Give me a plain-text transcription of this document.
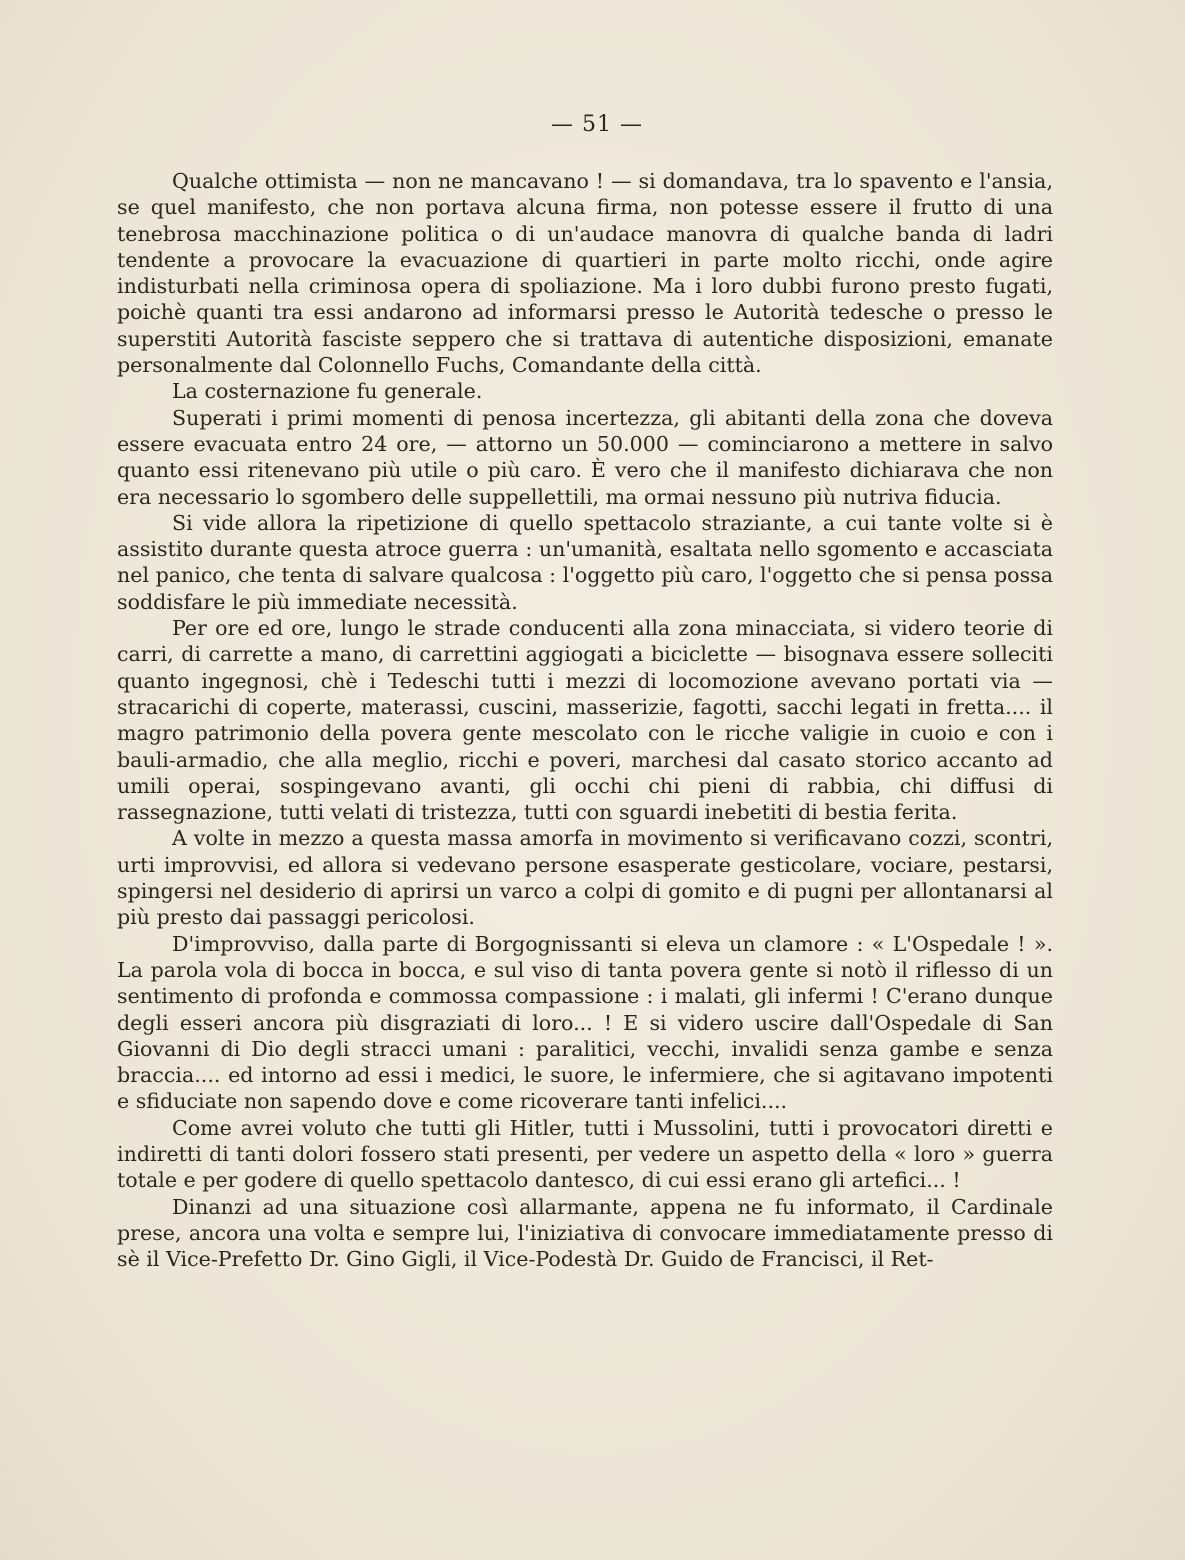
— 51 —

Qualche ottimista — non ne mancavano ! — si domandava, tra lo spavento e l'ansia, se quel manifesto, che non portava alcuna firma, non potesse essere il frutto di una tenebrosa macchinazione politica o di un'audace manovra di qualche banda di ladri tendente a provocare la evacuazione di quartieri in parte molto ricchi, onde agire indisturbati nella criminosa opera di spoliazione. Ma i loro dubbi furono presto fugati, poichè quanti tra essi andarono ad informarsi presso le Autorità tedesche o presso le superstiti Autorità fasciste seppero che si trattava di autentiche disposizioni, emanate personalmente dal Colonnello Fuchs, Comandante della città.

La costernazione fu generale.

Superati i primi momenti di penosa incertezza, gli abitanti della zona che doveva essere evacuata entro 24 ore, — attorno un 50.000 — cominciarono a mettere in salvo quanto essi ritenevano più utile o più caro. È vero che il manifesto dichiarava che non era necessario lo sgombero delle suppellettili, ma ormai nessuno più nutriva fiducia.

Si vide allora la ripetizione di quello spettacolo straziante, a cui tante volte si è assistito durante questa atroce guerra : un'umanità, esaltata nello sgomento e accasciata nel panico, che tenta di salvare qualcosa : l'oggetto più caro, l'oggetto che si pensa possa soddisfare le più immediate necessità.

Per ore ed ore, lungo le strade conducenti alla zona minacciata, si videro teorie di carri, di carrette a mano, di carrettini aggiogati a biciclette — bisognava essere solleciti quanto ingegnosi, chè i Tedeschi tutti i mezzi di locomozione avevano portati via — stracarichi di coperte, materassi, cuscini, masserizie, fagotti, sacchi legati in fretta.... il magro patrimonio della povera gente mescolato con le ricche valigie in cuoio e con i bauli-armadio, che alla meglio, ricchi e poveri, marchesi dal casato storico accanto ad umili operai, sospingevano avanti, gli occhi chi pieni di rabbia, chi diffusi di rassegnazione, tutti velati di tristezza, tutti con sguardi inebetiti di bestia ferita.

A volte in mezzo a questa massa amorfa in movimento si verificavano cozzi, scontri, urti improvvisi, ed allora si vedevano persone esasperate gesticolare, vociare, pestarsi, spingersi nel desiderio di aprirsi un varco a colpi di gomito e di pugni per allontanarsi al più presto dai passaggi pericolosi.

D'improvviso, dalla parte di Borgognissanti si eleva un clamore : « L'Ospedale ! ». La parola vola di bocca in bocca, e sul viso di tanta povera gente si notò il riflesso di un sentimento di profonda e commossa compassione : i malati, gli infermi ! C'erano dunque degli esseri ancora più disgraziati di loro... ! E si videro uscire dall'Ospedale di San Giovanni di Dio degli stracci umani : paralitici, vecchi, invalidi senza gambe e senza braccia.... ed intorno ad essi i medici, le suore, le infermiere, che si agitavano impotenti e sfiduciate non sapendo dove e come ricoverare tanti infelici....

Come avrei voluto che tutti gli Hitler, tutti i Mussolini, tutti i provocatori diretti e indiretti di tanti dolori fossero stati presenti, per vedere un aspetto della « loro » guerra totale e per godere di quello spettacolo dantesco, di cui essi erano gli artefici... !

Dinanzi ad una situazione così allarmante, appena ne fu informato, il Cardinale prese, ancora una volta e sempre lui, l'iniziativa di convocare immediatamente presso di sè il Vice-Prefetto Dr. Gino Gigli, il Vice-Podestà Dr. Guido de Francisci, il Ret-
